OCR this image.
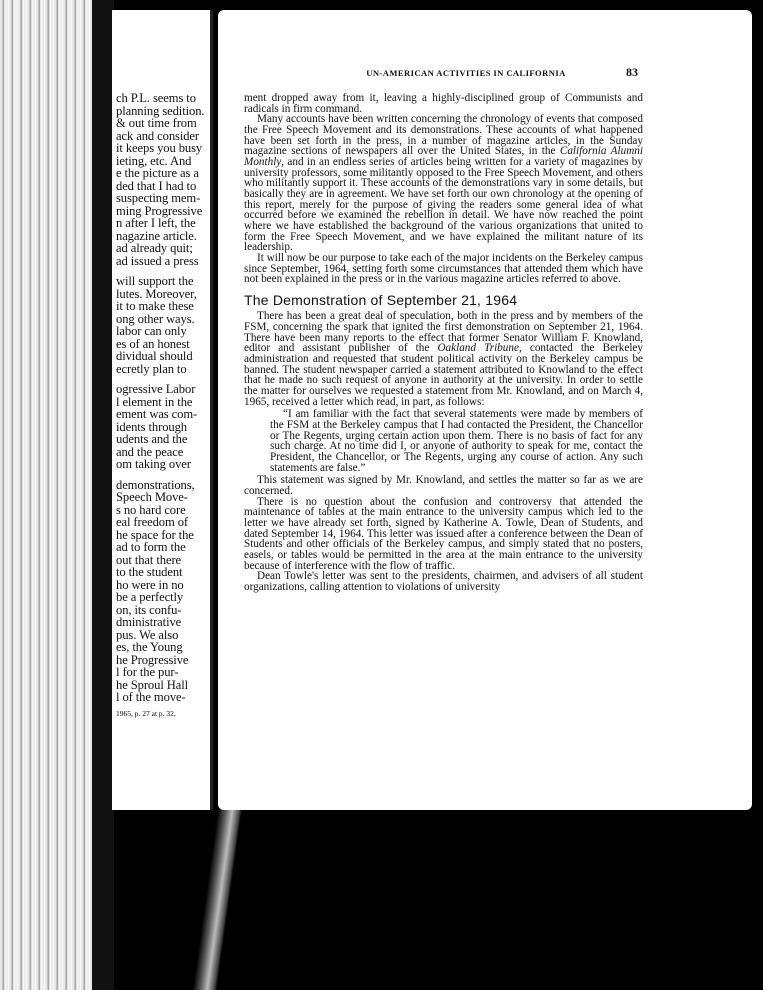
ch P.L. seems to
planning sedition.
& out time from
ack and consider
it keeps you busy
ieting, etc. And
e the picture as a
ded that I had to
suspecting mem-
ming Progressive
n after I left, the
nagazine article.
ad already quit;
ad issued a press
will support the
lutes. Moreover,
it to make these
ong other ways.
labor can only
es of an honest
dividual should
ecretly plan to
ogressive Labor
l element in the
ement was com-
idents through
udents and the
and the peace
om taking over
demonstrations,
Speech Move-
s no hard core
eal freedom of
he space for the
ad to form the
out that there
to the student
ho were in no
be a perfectly
on, its confu-
dministrative
pus. We also
es, the Young
he Progressive
l for the pur-
he Sproul Hall
l of the move-
1965, p. 27 at p. 32,
UN-AMERICAN ACTIVITIES IN CALIFORNIA	83

ment dropped away from it, leaving a highly-disciplined group of Communists and radicals in firm command.

Many accounts have been written concerning the chronology of events that composed the Free Speech Movement and its demonstrations. These accounts of what happened have been set forth in the press, in a number of magazine articles, in the Sunday magazine sections of newspapers all over the United States, in the California Alumni Monthly, and in an endless series of articles being written for a variety of magazines by university professors, some militantly opposed to the Free Speech Movement, and others who militantly support it. These accounts of the demonstrations vary in some details, but basically they are in agreement. We have set forth our own chronology at the opening of this report, merely for the purpose of giving the readers some general idea of what occurred before we examined the rebellion in detail. We have now reached the point where we have established the background of the various organizations that united to form the Free Speech Movement, and we have explained the militant nature of its leadership.

It will now be our purpose to take each of the major incidents on the Berkeley campus since September, 1964, setting forth some circumstances that attended them which have not been explained in the press or in the various magazine articles referred to above.

The Demonstration of September 21, 1964

There has been a great deal of speculation, both in the press and by members of the FSM, concerning the spark that ignited the first demonstration on September 21, 1964. There have been many reports to the effect that former Senator William F. Knowland, editor and assistant publisher of the Oakland Tribune, contacted the Berkeley administration and requested that student political activity on the Berkeley campus be banned. The student newspaper carried a statement attributed to Knowland to the effect that he made no such request of anyone in authority at the university. In order to settle the matter for ourselves we requested a statement from Mr. Knowland, and on March 4, 1965, received a letter which read, in part, as follows:

“I am familiar with the fact that several statements were made by members of the FSM at the Berkeley campus that I had contacted the President, the Chancellor or The Regents, urging certain action upon them. There is no basis of fact for any such charge. At no time did I, or anyone of authority to speak for me, contact the President, the Chancellor, or The Regents, urging any course of action. Any such statements are false.”

This statement was signed by Mr. Knowland, and settles the matter so far as we are concerned.

There is no question about the confusion and controversy that attended the maintenance of tables at the main entrance to the university campus which led to the letter we have already set forth, signed by Katherine A. Towle, Dean of Students, and dated September 14, 1964. This letter was issued after a conference between the Dean of Students and other officials of the Berkeley campus, and simply stated that no posters, easels, or tables would be permitted in the area at the main entrance to the university because of interference with the flow of traffic.

Dean Towle's letter was sent to the presidents, chairmen, and advisers of all student organizations, calling attention to violations of university
